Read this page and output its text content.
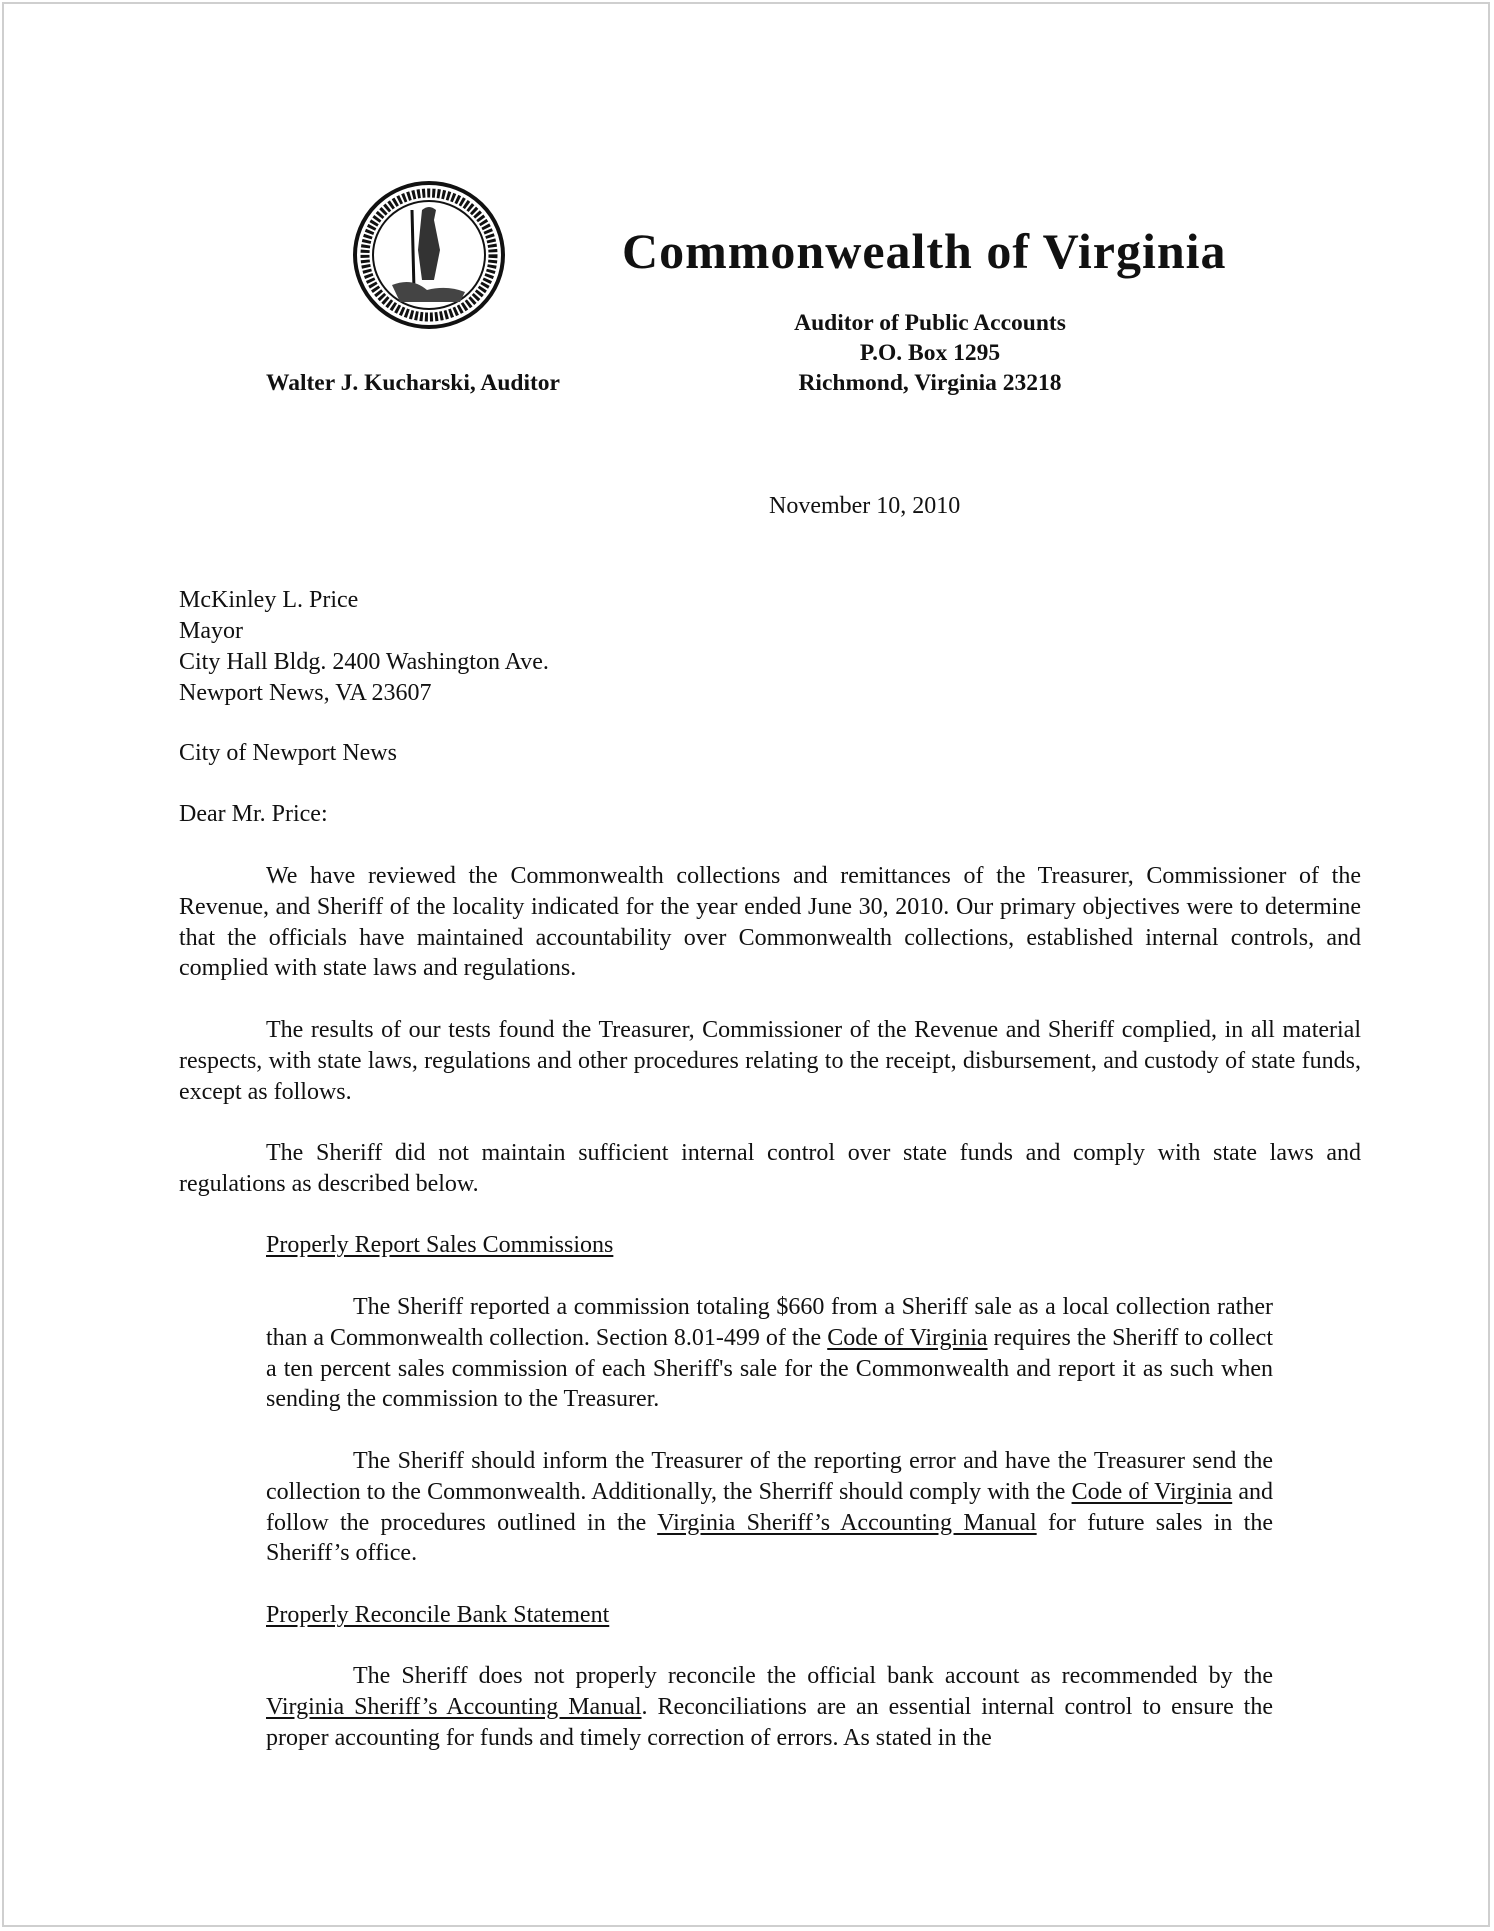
Commonwealth of Virginia
Auditor of Public Accounts
P.O. Box 1295
Richmond, Virginia 23218
Walter J. Kucharski, Auditor
November 10, 2010
McKinley L. Price
Mayor
City Hall Bldg. 2400 Washington Ave.
Newport News, VA 23607
City of Newport News
Dear Mr. Price:

We have reviewed the Commonwealth collections and remittances of the Treasurer, Commissioner of the Revenue, and Sheriff of the locality indicated for the year ended June 30, 2010. Our primary objectives were to determine that the officials have maintained accountability over Commonwealth collections, established internal controls, and complied with state laws and regulations.

The results of our tests found the Treasurer, Commissioner of the Revenue and Sheriff complied, in all material respects, with state laws, regulations and other procedures relating to the receipt, disbursement, and custody of state funds, except as follows.

The Sheriff did not maintain sufficient internal control over state funds and comply with state laws and regulations as described below.

Properly Report Sales Commissions

The Sheriff reported a commission totaling $660 from a Sheriff sale as a local collection rather than a Commonwealth collection. Section 8.01-499 of the Code of Virginia requires the Sheriff to collect a ten percent sales commission of each Sheriff's sale for the Commonwealth and report it as such when sending the commission to the Treasurer.

The Sheriff should inform the Treasurer of the reporting error and have the Treasurer send the collection to the Commonwealth. Additionally, the Sherriff should comply with the Code of Virginia and follow the procedures outlined in the Virginia Sheriff’s Accounting Manual for future sales in the Sheriff’s office.

Properly Reconcile Bank Statement

The Sheriff does not properly reconcile the official bank account as recommended by the Virginia Sheriff’s Accounting Manual. Reconciliations are an essential internal control to ensure the proper accounting for funds and timely correction of errors. As stated in the
